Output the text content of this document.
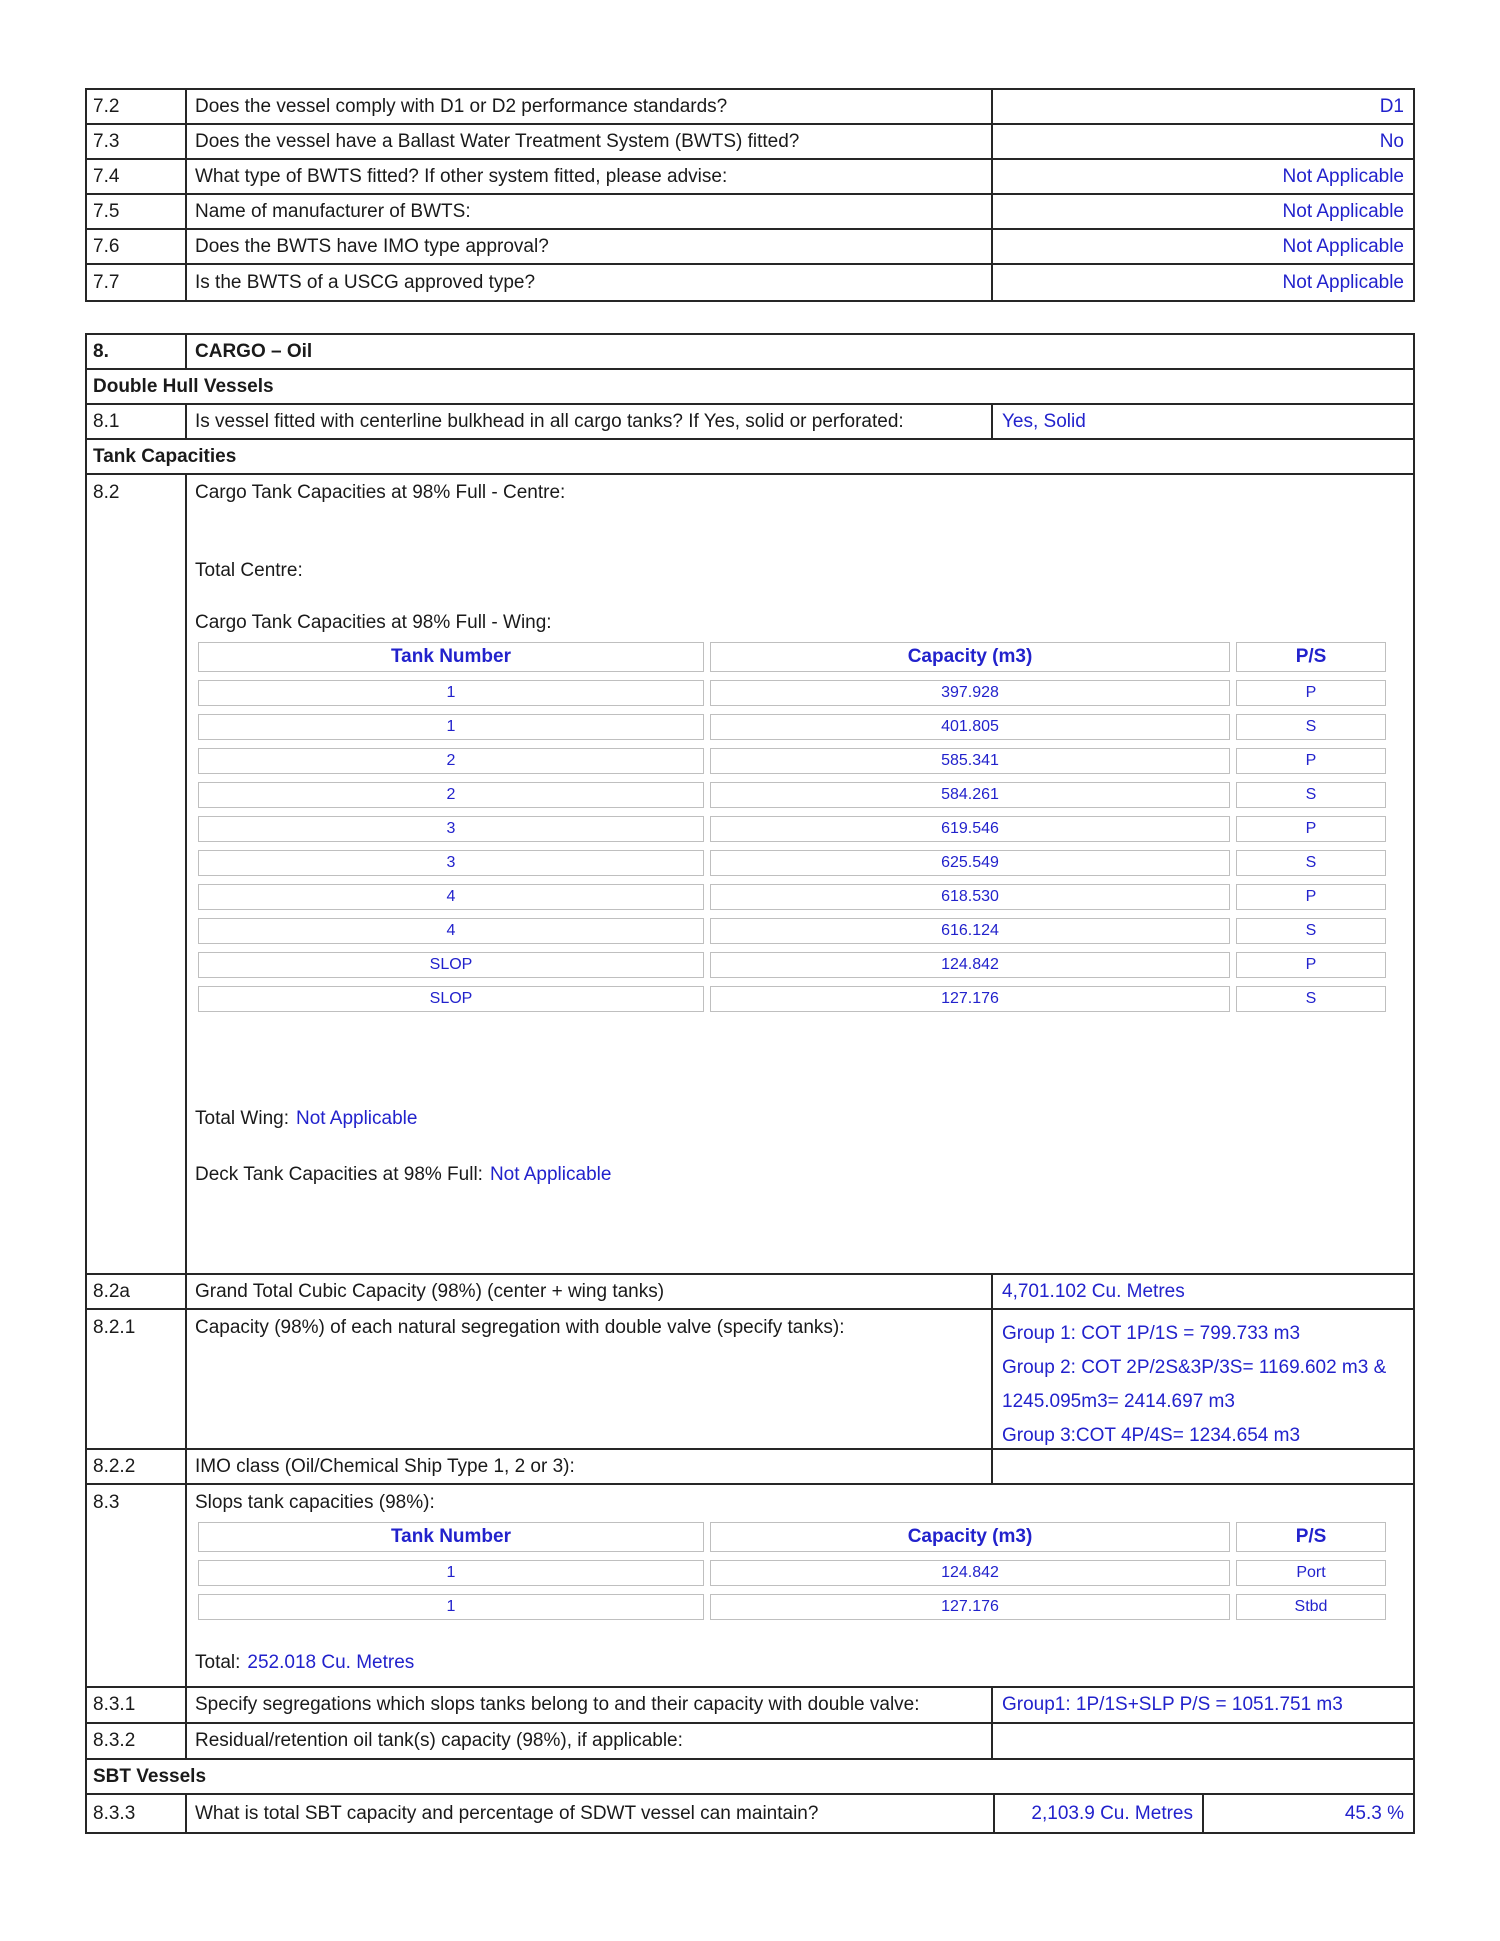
7.2	Does the vessel comply with D1 or D2 performance standards?	D1
7.3	Does the vessel have a Ballast Water Treatment System (BWTS) fitted?	No
7.4	What type of BWTS fitted? If other system fitted, please advise:	Not Applicable
7.5	Name of manufacturer of BWTS:	Not Applicable
7.6	Does the BWTS have IMO type approval?	Not Applicable
7.7	Is the BWTS of a USCG approved type?	Not Applicable
8.	CARGO – Oil
Double Hull Vessels
8.1	Is vessel fitted with centerline bulkhead in all cargo tanks? If Yes, solid or perforated:	Yes, Solid
Tank Capacities
8.2	Cargo Tank Capacities at 98% Full - Centre:

Total Centre:

Cargo Tank Capacities at 98% Full - Wing:

Tank Number	Capacity (m3)	P/S
1	397.928	P
1	401.805	S
2	585.341	P
2	584.261	S
3	619.546	P
3	625.549	S
4	618.530	P
4	616.124	S
SLOP	124.842	P
SLOP	127.176	S

Total Wing: Not Applicable

Deck Tank Capacities at 98% Full: Not Applicable

8.2a	Grand Total Cubic Capacity (98%) (center + wing tanks)	4,701.102 Cu. Metres
8.2.1	Capacity (98%) of each natural segregation with double valve (specify tanks):	Group 1: COT 1P/1S = 799.733 m3
Group 2: COT 2P/2S&3P/3S= 1169.602 m3 &
1245.095m3= 2414.697 m3
Group 3:COT 4P/4S= 1234.654 m3
8.2.2	IMO class (Oil/Chemical Ship Type 1, 2 or 3):
8.3	Slops tank capacities (98%):

Tank Number	Capacity (m3)	P/S
1	124.842	Port
1	127.176	Stbd

Total: 252.018 Cu. Metres

8.3.1	Specify segregations which slops tanks belong to and their capacity with double valve:	Group1: 1P/1S+SLP P/S = 1051.751 m3
8.3.2	Residual/retention oil tank(s) capacity (98%), if applicable:
SBT Vessels
8.3.3	What is total SBT capacity and percentage of SDWT vessel can maintain?	2,103.9 Cu. Metres	45.3 %
